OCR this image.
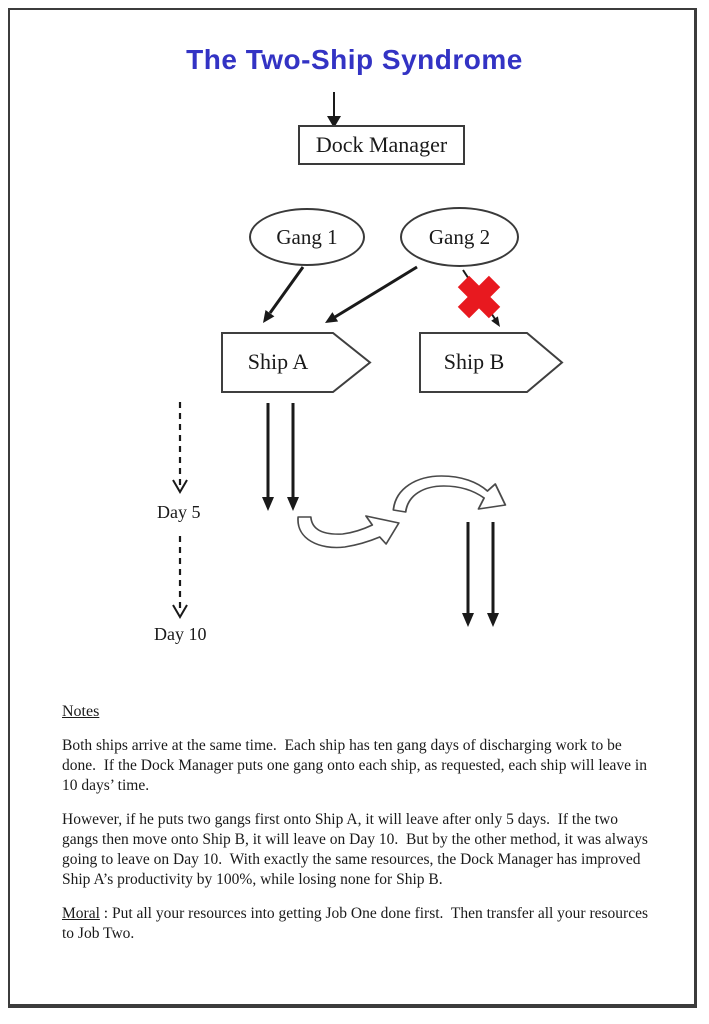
The Two-Ship Syndrome
Dock Manager
Gang 1	Gang 2
Ship A	Ship B
Day 5
Day 10
Notes

Both ships arrive at the same time.  Each ship has ten gang days of discharging work to be done.  If the Dock Manager puts one gang onto each ship, as requested, each ship will leave in 10 days’ time.

However, if he puts two gangs first onto Ship A, it will leave after only 5 days.  If the two gangs then move onto Ship B, it will leave on Day 10.  But by the other method, it was always going to leave on Day 10.  With exactly the same resources, the Dock Manager has improved Ship A’s productivity by 100%, while losing none for Ship B.

Moral : Put all your resources into getting Job One done first.  Then transfer all your resources to Job Two.
